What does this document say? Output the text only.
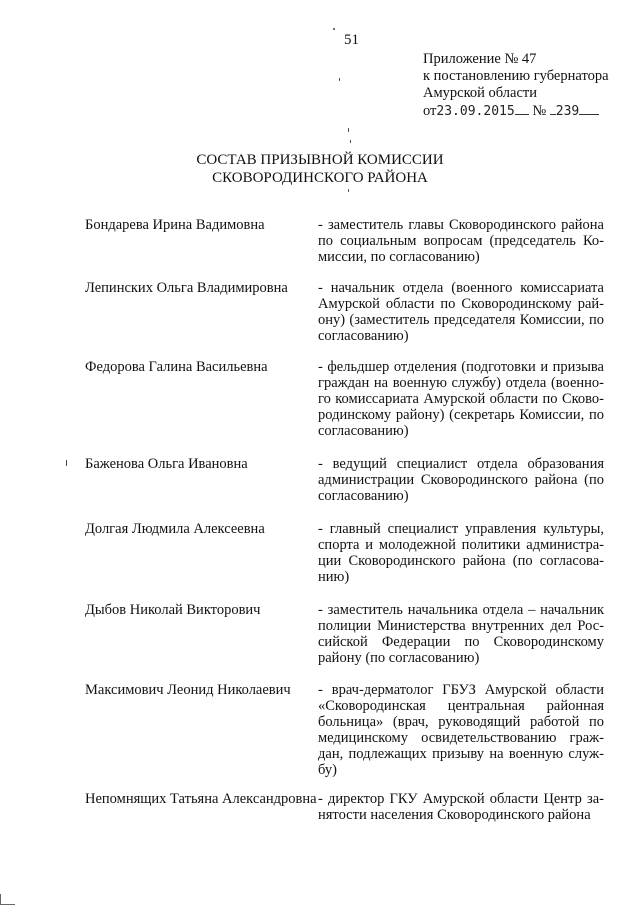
51
Приложение № 47
к постановлению губернатора
Амурской области
от23.09.2015 № 239
СОСТАВ ПРИЗЫВНОЙ КОМИССИИ
СКОВОРОДИНСКОГО РАЙОНА
Бондарева Ирина Вадимовна	- заместитель главы Сковородинского района
по социальным вопросам (председатель Ко-
миссии, по согласованию)
Лепинских Ольга Владимировна - начальник отдела (военного комиссариата
Амурской области по Сковородинскому рай-
ону) (заместитель председателя Комиссии, по
согласованию)
Федорова Галина Васильевна	- фельдшер отделения (подготовки и призыва
граждан на военную службу) отдела (военно-
го комиссариата Амурской области по Сково-
родинскому району) (секретарь Комиссии, по
согласованию)
Баженова Ольга Ивановна	- ведущий специалист отдела образования
администрации Сковородинского района (по
согласованию)
Долгая Людмила Алексеевна	- главный специалист управления культуры,
спорта и молодежной политики администра-
ции Сковородинского района (по согласова-
нию)
Дыбов Николай Викторович	- заместитель начальника отдела – начальник
полиции Министерства внутренних дел Рос-
сийской Федерации по Сковородинскому
району (по согласованию)
Максимович Леонид Николаевич - врач-дерматолог ГБУЗ Амурской области
«Сковородинская центральная районная
больница» (врач, руководящий работой по
медицинскому освидетельствованию граж-
дан, подлежащих призыву на военную служ-
бу)
Непомнящих Татьяна Александровна - директор ГКУ Амурской области Центр за-
нятости населения Сковородинского района
